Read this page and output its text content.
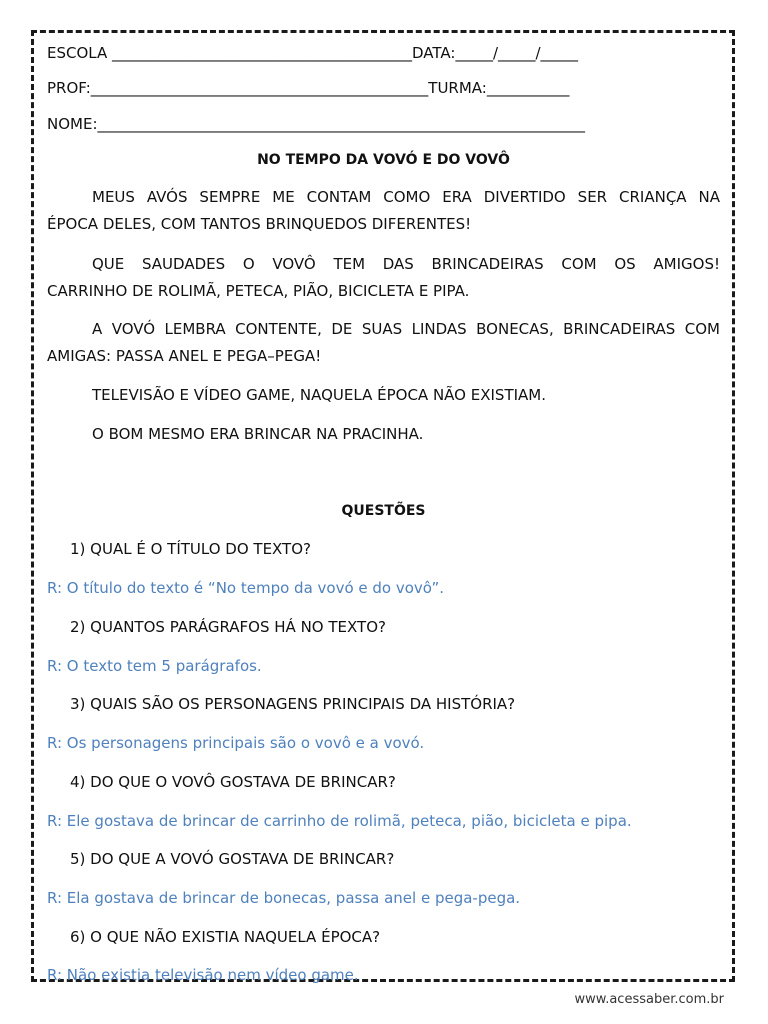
ESCOLA ________________________________________DATA:_____/_____/_____
PROF:_____________________________________________TURMA:___________
NOME:_________________________________________________________________
NO TEMPO DA VOVÓ E DO VOVÔ
MEUS AVÓS SEMPRE ME CONTAM COMO ERA DIVERTIDO SER CRIANÇA NA
ÉPOCA DELES, COM TANTOS BRINQUEDOS DIFERENTES!
QUE SAUDADES O VOVÔ TEM DAS BRINCADEIRAS COM OS AMIGOS!
CARRINHO DE ROLIMÃ, PETECA, PIÃO, BICICLETA E PIPA.
A VOVÓ LEMBRA CONTENTE, DE SUAS LINDAS BONECAS, BRINCADEIRAS COM
AMIGAS: PASSA ANEL E PEGA–PEGA!
TELEVISÃO E VÍDEO GAME, NAQUELA ÉPOCA NÃO EXISTIAM.
O BOM MESMO ERA BRINCAR NA PRACINHA.
QUESTÕES
1) QUAL É O TÍTULO DO TEXTO?
R: O título do texto é “No tempo da vovó e do vovô”.
2) QUANTOS PARÁGRAFOS HÁ NO TEXTO?
R: O texto tem 5 parágrafos.
3) QUAIS SÃO OS PERSONAGENS PRINCIPAIS DA HISTÓRIA?
R: Os personagens principais são o vovô e a vovó.
4) DO QUE O VOVÔ GOSTAVA DE BRINCAR?
R: Ele gostava de brincar de carrinho de rolimã, peteca, pião, bicicleta e pipa.
5) DO QUE A VOVÓ GOSTAVA DE BRINCAR?
R: Ela gostava de brincar de bonecas, passa anel e pega-pega.
6) O QUE NÃO EXISTIA NAQUELA ÉPOCA?
R: Não existia televisão nem vídeo game.
www.acessaber.com.br
